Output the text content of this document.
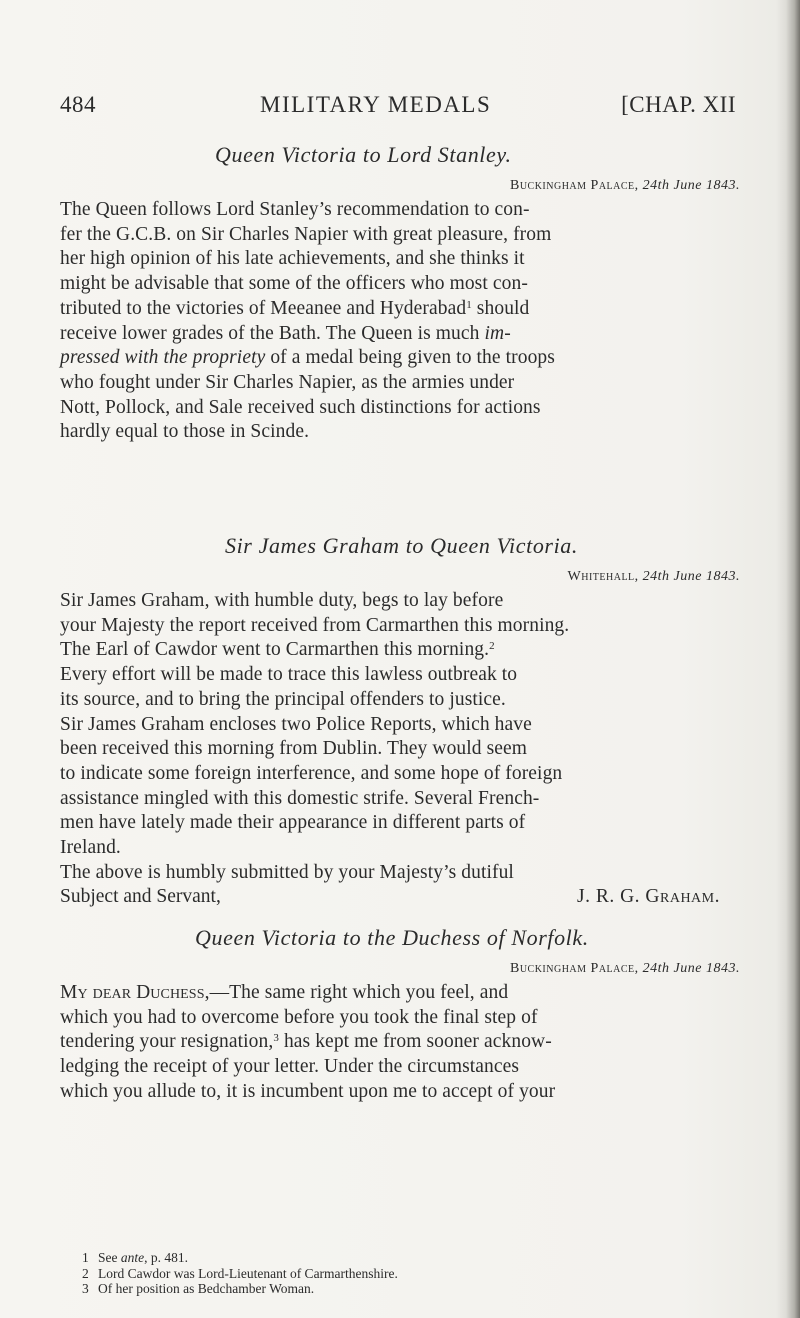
484	MILITARY MEDALS	[CHAP. XII

Queen Victoria to Lord Stanley.

Buckingham Palace, 24th June 1843.
The Queen follows Lord Stanley’s recommendation to con-
fer the G.C.B. on Sir Charles Napier with great pleasure, from
her high opinion of his late achievements, and she thinks it
might be advisable that some of the officers who most con-
tributed to the victories of Meeanee and Hyderabad$^1$ should
receive lower grades of the Bath. The Queen is much im-
pressed with the propriety of a medal being given to the troops
who fought under Sir Charles Napier, as the armies under
Nott, Pollock, and Sale received such distinctions for actions
hardly equal to those in Scinde.

Sir James Graham to Queen Victoria.

Whitehall, 24th June 1843.
Sir James Graham, with humble duty, begs to lay before
your Majesty the report received from Carmarthen this morning.
The Earl of Cawdor went to Carmarthen this morning.$^2$
Every effort will be made to trace this lawless outbreak to
its source, and to bring the principal offenders to justice.
Sir James Graham encloses two Police Reports, which have
been received this morning from Dublin. They would seem
to indicate some foreign interference, and some hope of foreign
assistance mingled with this domestic strife. Several French-
men have lately made their appearance in different parts of
Ireland.
The above is humbly submitted by your Majesty’s dutiful
Subject and Servant,	J. R. G. Graham.

Queen Victoria to the Duchess of Norfolk.

Buckingham Palace, 24th June 1843.
My dear Duchess,—The same right which you feel, and
which you had to overcome before you took the final step of
tendering your resignation,$^3$ has kept me from sooner acknow-
ledging the receipt of your letter. Under the circumstances
which you allude to, it is incumbent upon me to accept of your
1 See ante, p. 481.
2 Lord Cawdor was Lord-Lieutenant of Carmarthenshire.
3 Of her position as Bedchamber Woman.
